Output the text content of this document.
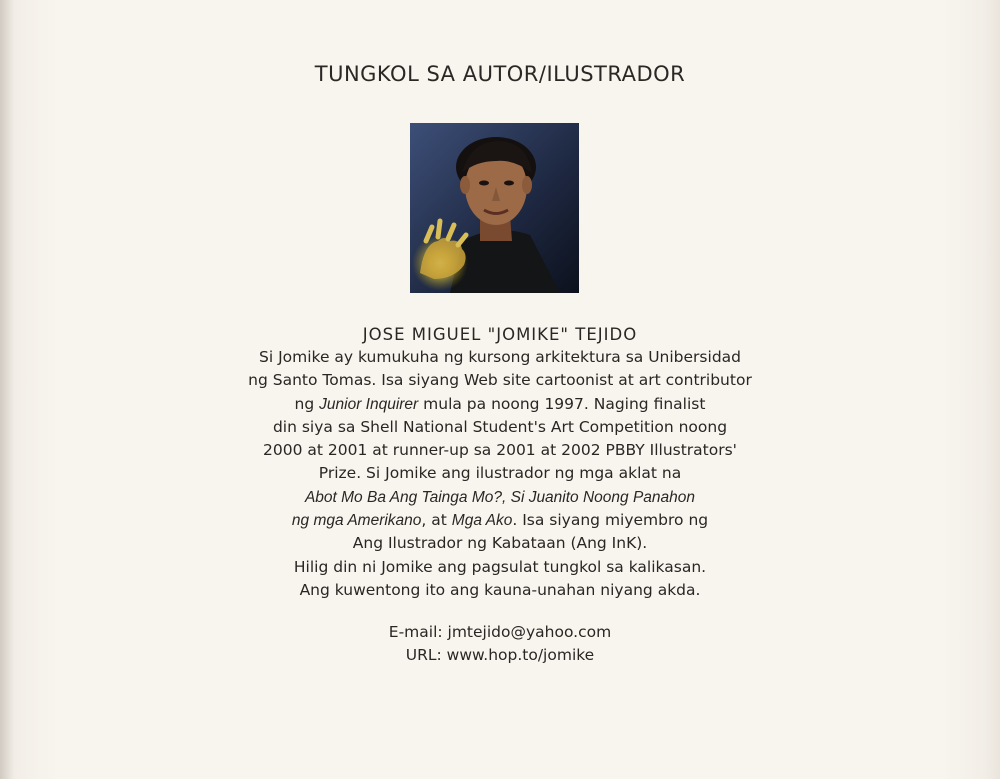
TUNGKOL SA AUTOR/ILUSTRADOR
JOSE MIGUEL "JOMIKE" TEJIDO
Si Jomike ay kumukuha ng kursong arkitektura sa Unibersidad
ng Santo Tomas. Isa siyang Web site cartoonist at art contributor
ng Junior Inquirer mula pa noong 1997. Naging finalist
din siya sa Shell National Student's Art Competition noong
2000 at 2001 at runner-up sa 2001 at 2002 PBBY Illustrators'
Prize. Si Jomike ang ilustrador ng mga aklat na
Abot Mo Ba Ang Tainga Mo?, Si Juanito Noong Panahon
ng mga Amerikano, at Mga Ako. Isa siyang miyembro ng
Ang Ilustrador ng Kabataan (Ang InK).
Hilig din ni Jomike ang pagsulat tungkol sa kalikasan.
Ang kuwentong ito ang kauna-unahan niyang akda.
E-mail: jmtejido@yahoo.com
URL: www.hop.to/jomike
